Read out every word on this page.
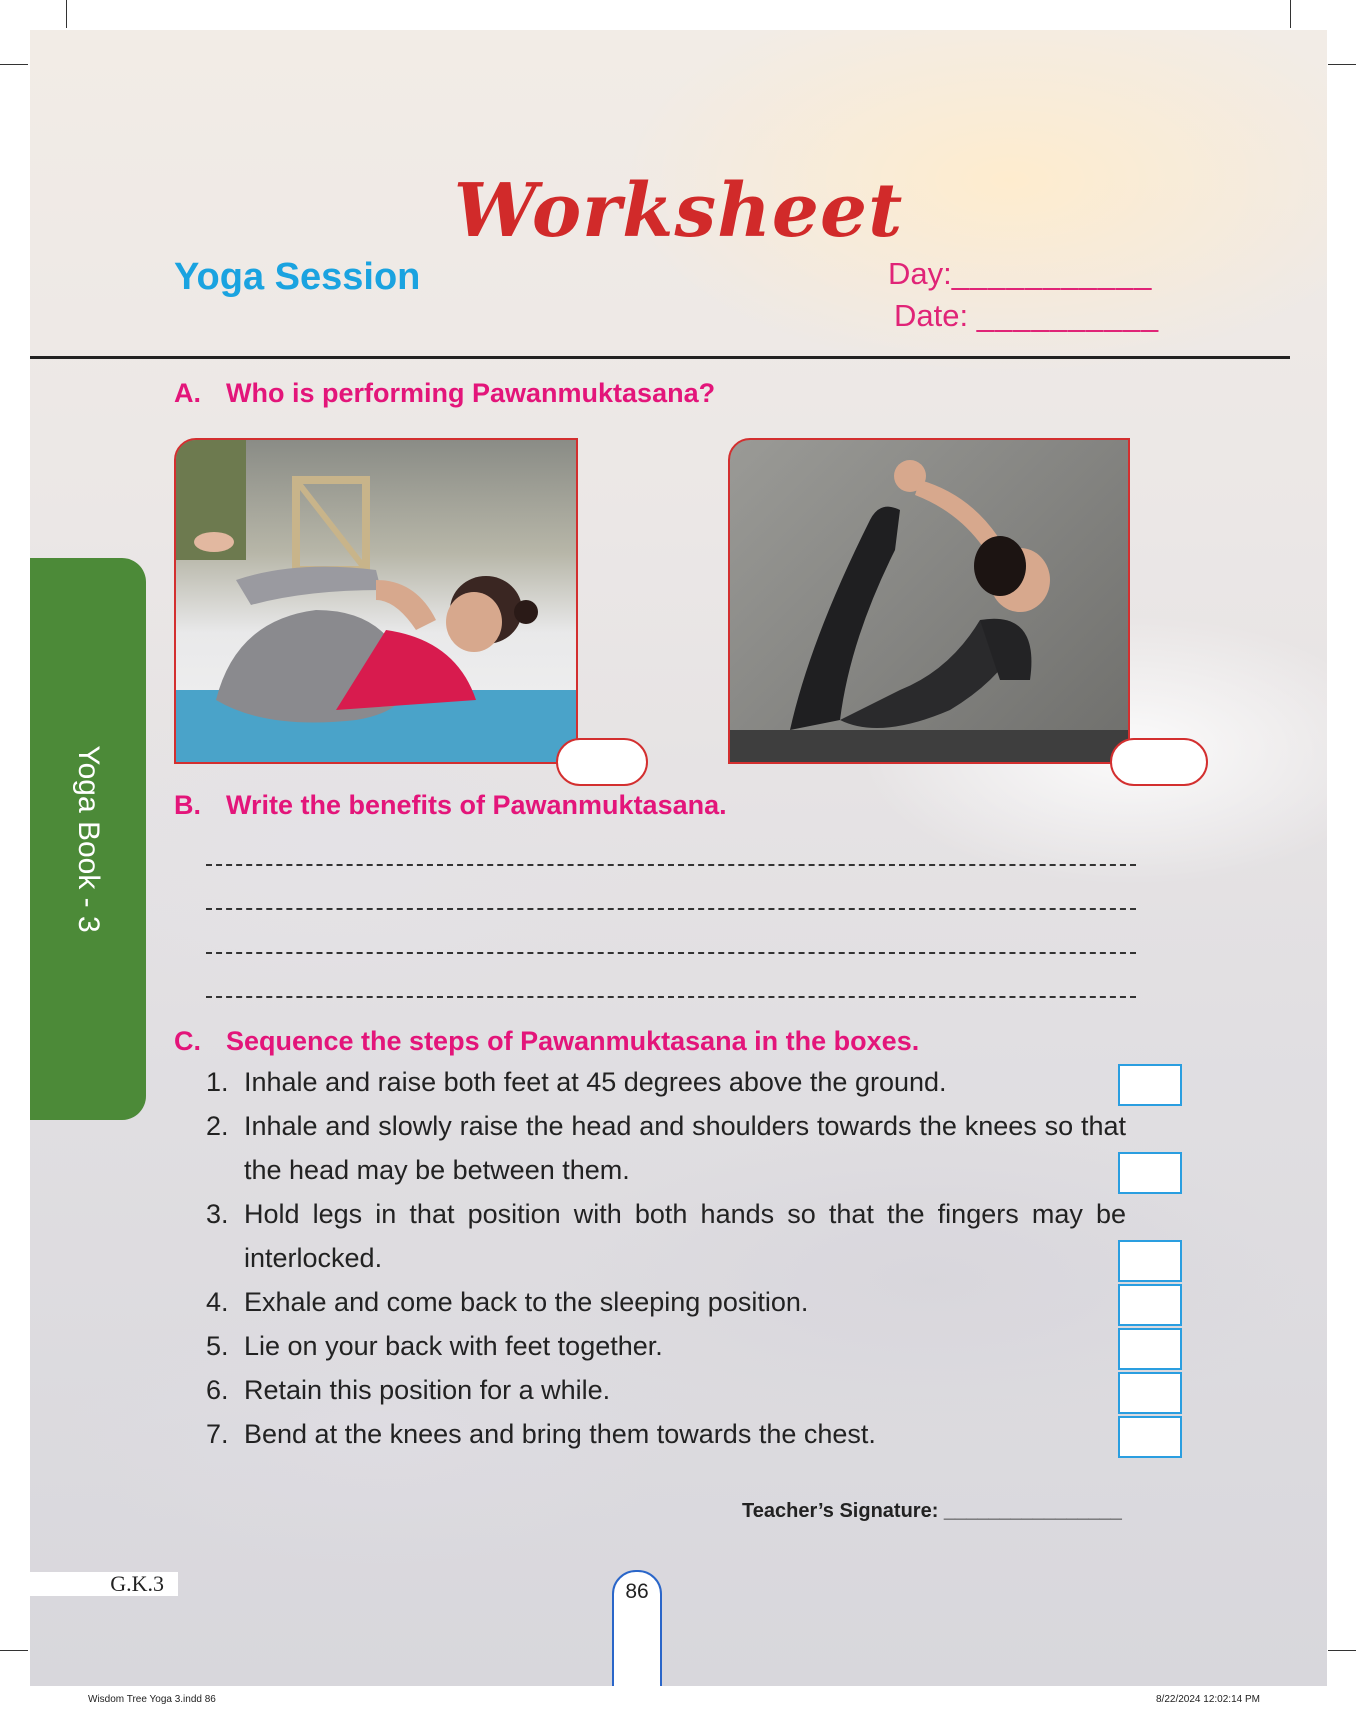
Worksheet
Yoga Session	Day:___________
Date: __________
Yoga Book - 3
A. Who is performing Pawanmuktasana?
B. Write the benefits of Pawanmuktasana.
C. Sequence the steps of Pawanmuktasana in the boxes.
1. Inhale and raise both feet at 45 degrees above the ground.
2. Inhale and slowly raise the head and shoulders towards the knees so that the head may be between them.
3. Hold legs in that position with both hands so that the fingers may be interlocked.
4. Exhale and come back to the sleeping position.
5. Lie on your back with feet together.
6. Retain this position for a while.
7. Bend at the knees and bring them towards the chest.
Teacher’s Signature: ________________
G.K.3	86
Wisdom Tree Yoga 3.indd 86	8/22/2024 12:02:14 PM
